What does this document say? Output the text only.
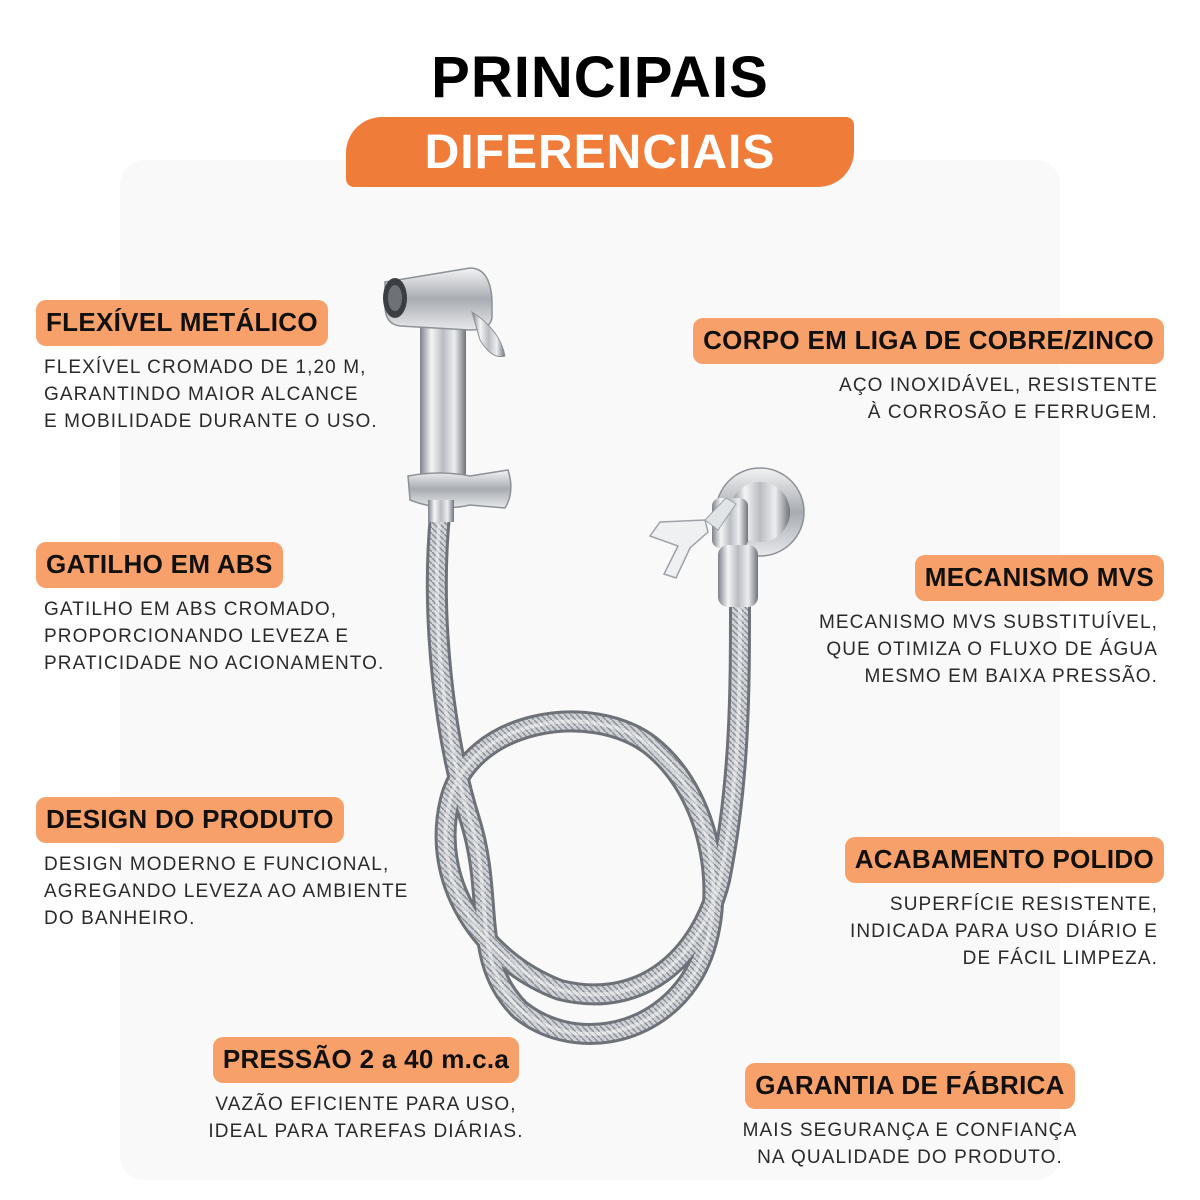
PRINCIPAIS
DIFERENCIAIS
FLEXÍVEL METÁLICO
FLEXÍVEL CROMADO DE 1,20 M,
GARANTINDO MAIOR ALCANCE
E MOBILIDADE DURANTE O USO.
GATILHO EM ABS
GATILHO EM ABS CROMADO,
PROPORCIONANDO LEVEZA E
PRATICIDADE NO ACIONAMENTO.
DESIGN DO PRODUTO
DESIGN MODERNO E FUNCIONAL,
AGREGANDO LEVEZA AO AMBIENTE
DO BANHEIRO.
CORPO EM LIGA DE COBRE/ZINCO
AÇO INOXIDÁVEL, RESISTENTE
À CORROSÃO E FERRUGEM.
MECANISMO MVS
MECANISMO MVS SUBSTITUÍVEL,
QUE OTIMIZA O FLUXO DE ÁGUA
MESMO EM BAIXA PRESSÃO.
ACABAMENTO POLIDO
SUPERFÍCIE RESISTENTE,
INDICADA PARA USO DIÁRIO E
DE FÁCIL LIMPEZA.
PRESSÃO 2 a 40 m.c.a
VAZÃO EFICIENTE PARA USO,
IDEAL PARA TAREFAS DIÁRIAS.
GARANTIA DE FÁBRICA
MAIS SEGURANÇA E CONFIANÇA
NA QUALIDADE DO PRODUTO.
